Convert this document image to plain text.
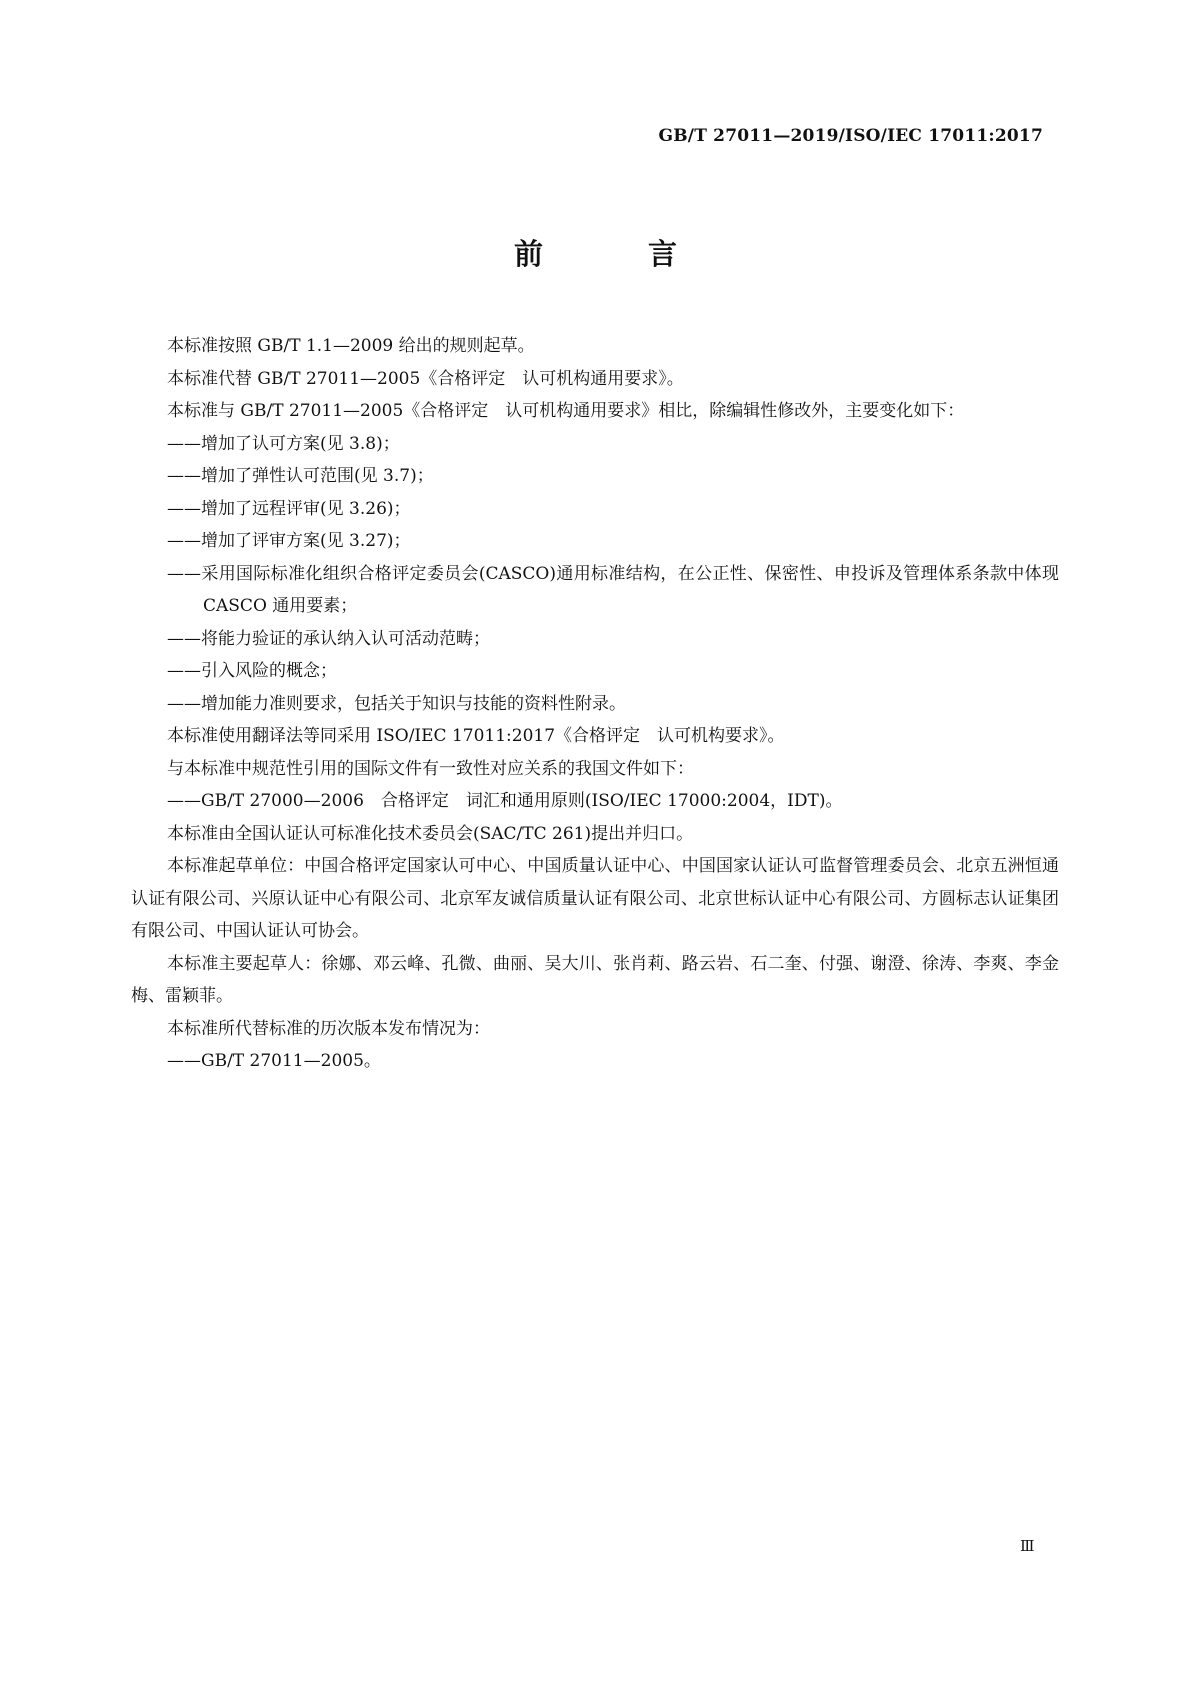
GB/T 27011—2019/ISO/IEC 17011:2017
前　言

本标准按照 GB/T 1.1—2009 给出的规则起草。

本标准代替 GB/T 27011—2005《合格评定　认可机构通用要求》。

本标准与 GB/T 27011—2005《合格评定　认可机构通用要求》相比，除编辑性修改外，主要变化如下：

——增加了认可方案(见 3.8)；

——增加了弹性认可范围(见 3.7)；

——增加了远程评审(见 3.26)；

——增加了评审方案(见 3.27)；

——采用国际标准化组织合格评定委员会(CASCO)通用标准结构，在公正性、保密性、申投诉及管理体系条款中体现 CASCO 通用要素；

——将能力验证的承认纳入认可活动范畴；

——引入风险的概念；

——增加能力准则要求，包括关于知识与技能的资料性附录。

本标准使用翻译法等同采用 ISO/IEC 17011:2017《合格评定　认可机构要求》。

与本标准中规范性引用的国际文件有一致性对应关系的我国文件如下：

——GB/T 27000—2006　合格评定　词汇和通用原则(ISO/IEC 17000:2004，IDT)。

本标准由全国认证认可标准化技术委员会(SAC/TC 261)提出并归口。

本标准起草单位：中国合格评定国家认可中心、中国质量认证中心、中国国家认证认可监督管理委员会、北京五洲恒通认证有限公司、兴原认证中心有限公司、北京军友诚信质量认证有限公司、北京世标认证中心有限公司、方圆标志认证集团有限公司、中国认证认可协会。

本标准主要起草人：徐娜、邓云峰、孔微、曲丽、吴大川、张肖莉、路云岩、石二奎、付强、谢澄、徐涛、李爽、李金梅、雷颖菲。

本标准所代替标准的历次版本发布情况为：

——GB/T 27011—2005。

Ⅲ
